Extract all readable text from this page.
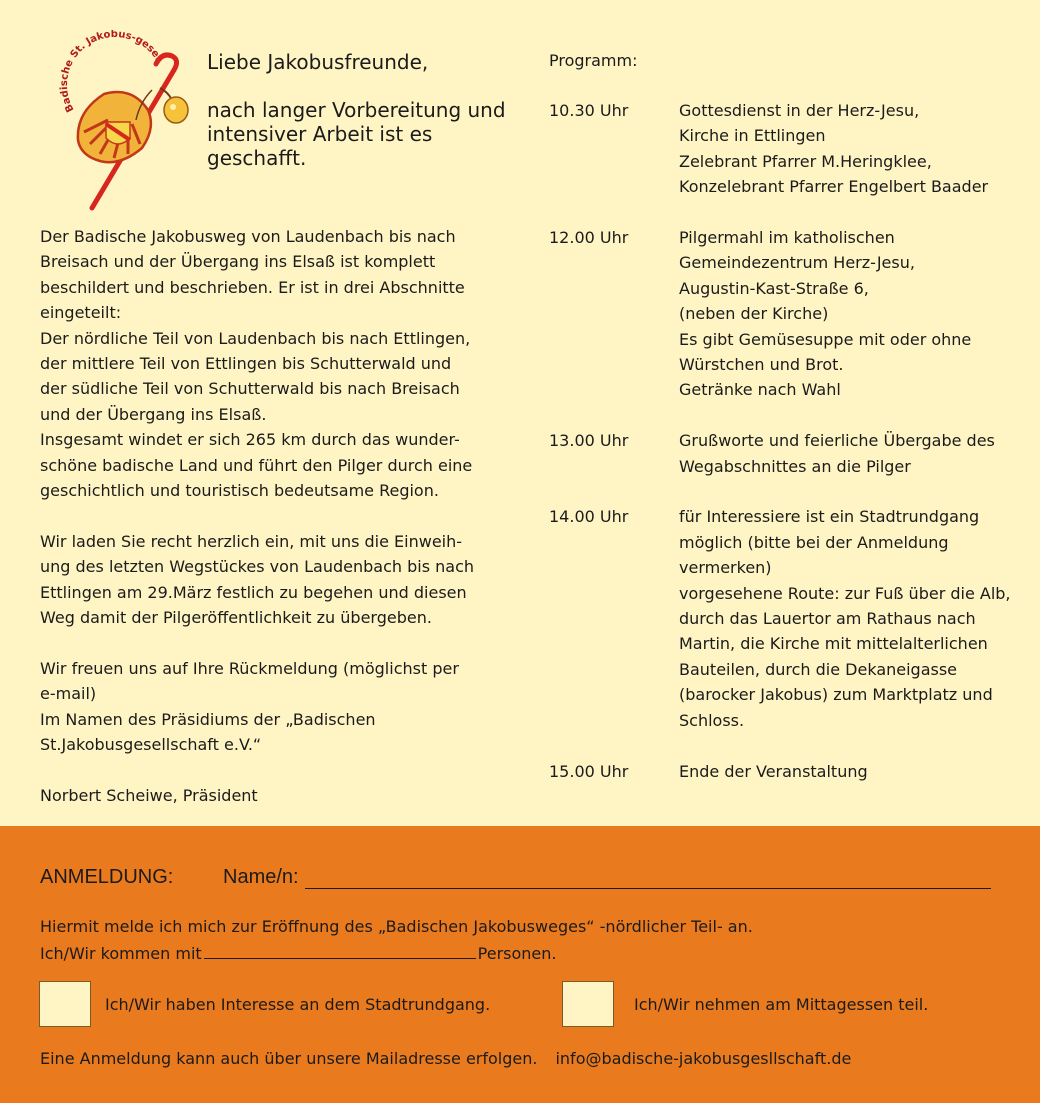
Badische St. Jakobus-gesel Liebe Jakobusfreunde,

nach langer Vorbereitung und intensiver Arbeit ist es geschafft.

Der Badische Jakobusweg von Laudenbach bis nach
Breisach und der Übergang ins Elsaß ist komplett
beschildert und beschrieben. Er ist in drei Abschnitte
eingeteilt:
Der nördliche Teil von Laudenbach bis nach Ettlingen,
der mittlere Teil von Ettlingen bis Schutterwald und
der südliche Teil von Schutterwald bis nach Breisach
und der Übergang ins Elsaß.
Insgesamt windet er sich 265 km durch das wunder-
schöne badische Land und führt den Pilger durch eine
geschichtlich und touristisch bedeutsame Region.

Wir laden Sie recht herzlich ein, mit uns die Einweih-
ung des letzten Wegstückes von Laudenbach bis nach
Ettlingen am 29.März festlich zu begehen und diesen
Weg damit der Pilgeröffentlichkeit zu übergeben.

Wir freuen uns auf Ihre Rückmeldung (möglichst per
e-mail)
Im Namen des Präsidiums der „Badischen
St.Jakobusgesellschaft e.V.“

Norbert Scheiwe, Präsident
Programm:
10.30 Uhr	Gottesdienst in der Herz-Jesu,
Kirche in Ettlingen
Zelebrant Pfarrer M.Heringklee,
Konzelebrant Pfarrer Engelbert Baader
12.00 Uhr	Pilgermahl im katholischen
Gemeindezentrum Herz-Jesu,
Augustin-Kast-Straße 6,
(neben der Kirche)
Es gibt Gemüsesuppe mit oder ohne
Würstchen und Brot.
Getränke nach Wahl
13.00 Uhr	Grußworte und feierliche Übergabe des
Wegabschnittes an die Pilger
14.00 Uhr	für Interessiere ist ein Stadtrundgang
möglich (bitte bei der Anmeldung
vermerken)
vorgesehene Route: zur Fuß über die Alb,
durch das Lauertor am Rathaus nach
Martin, die Kirche mit mittelalterlichen
Bauteilen, durch die Dekaneigasse
(barocker Jakobus) zum Marktplatz und
Schloss.
15.00 Uhr	Ende der Veranstaltung
ANMELDUNG: Name/n:
Hiermit melde ich mich zur Eröffnung des „Badischen Jakobusweges“ -nördlicher Teil- an.
Ich/Wir kommen mit	Personen.
Ich/Wir haben Interesse an dem Stadtrundgang.	Ich/Wir nehmen am Mittagessen teil.
Eine Anmeldung kann auch über unsere Mailadresse erfolgen. info@badische-jakobusgesllschaft.de
